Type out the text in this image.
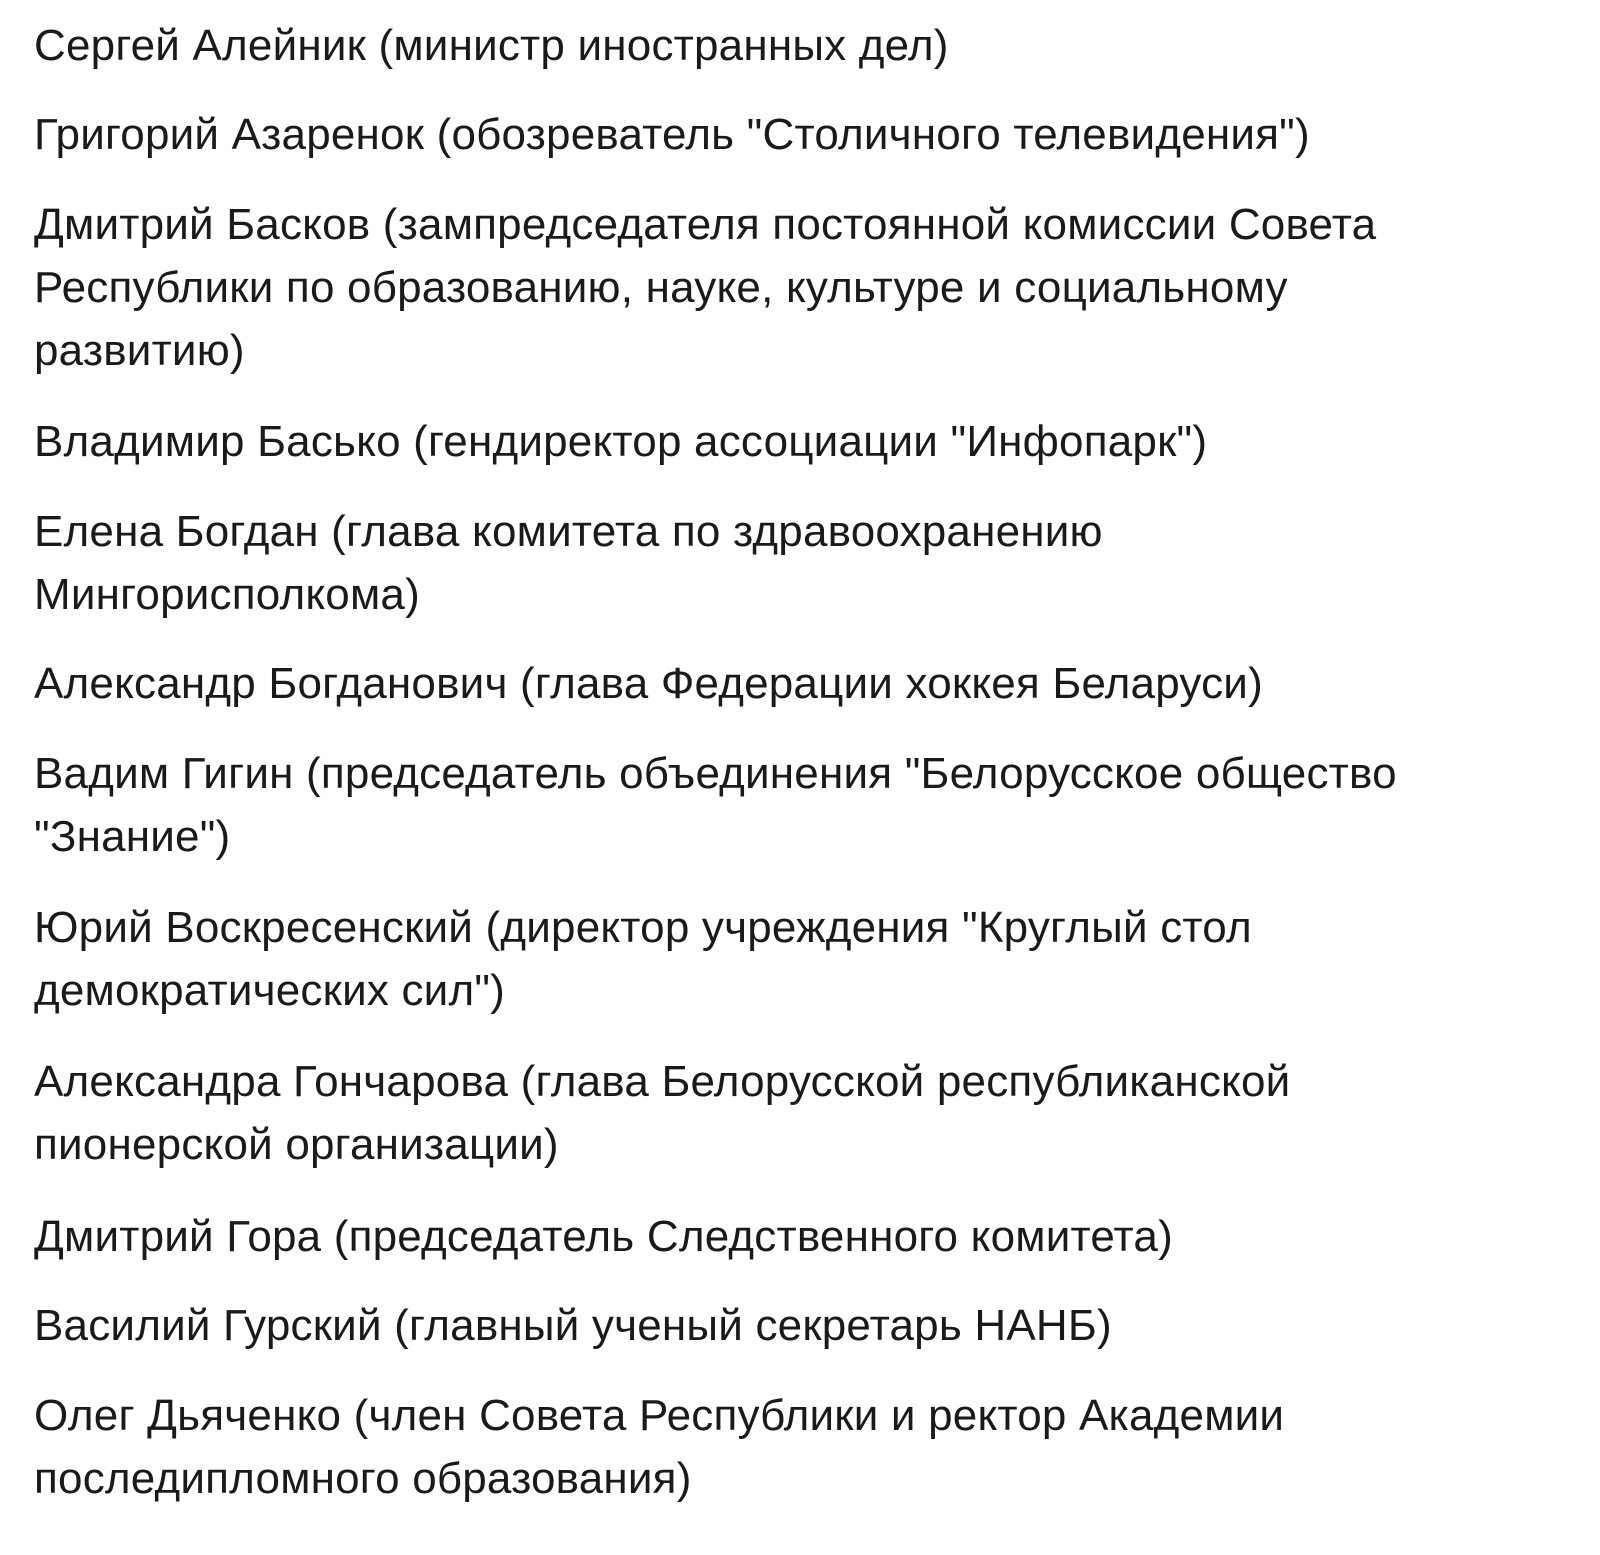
Сергей Алейник (министр иностранных дел)

Григорий Азаренок (обозреватель "Столичного телевидения")

Дмитрий Басков (зампредседателя постоянной комиссии Совета Республики по образованию, науке, культуре и социальному развитию)

Владимир Басько (гендиректор ассоциации "Инфопарк")

Елена Богдан (глава комитета по здравоохранению Мингорисполкома)

Александр Богданович (глава Федерации хоккея Беларуси)

Вадим Гигин (председатель объединения "Белорусское общество "Знание")

Юрий Воскресенский (директор учреждения "Круглый стол демократических сил")

Александра Гончарова (глава Белорусской республиканской пионерской организации)

Дмитрий Гора (председатель Следственного комитета)

Василий Гурский (главный ученый секретарь НАНБ)

Олег Дьяченко (член Совета Республики и ректор Академии последипломного образования)
